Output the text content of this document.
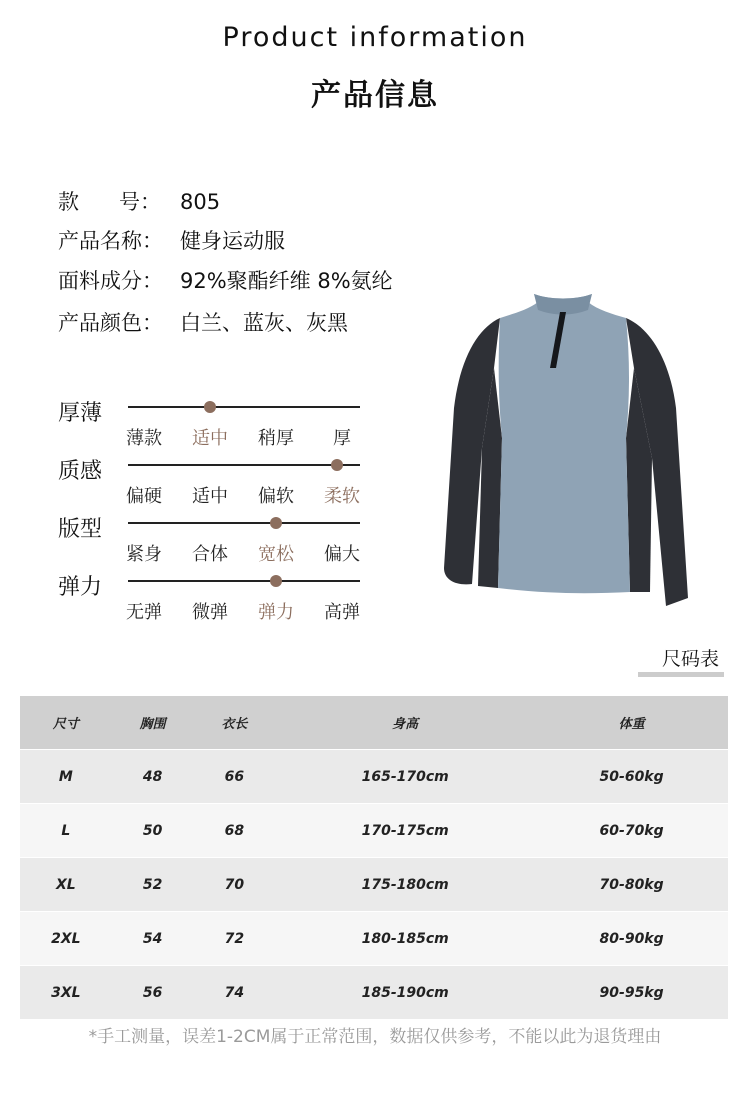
Product information
产品信息
款      号： 805
产品名称： 健身运动服
面料成分： 92%聚酯纤维 8%氨纶
产品颜色： 白兰、蓝灰、灰黑
厚薄
薄款	适中	稍厚	厚
质感
偏硬	适中	偏软	柔软
版型
紧身	合体	宽松	偏大
弹力
无弹	微弹	弹力	高弹
尺码表
尺寸	胸围	衣长	身高	体重
M	48	66	165-170cm	50-60kg
L	50	68	170-175cm	60-70kg
XL	52	70	175-180cm	70-80kg
2XL	54	72	180-185cm	80-90kg
3XL	56	74	185-190cm	90-95kg
*手工测量，误差1-2CM属于正常范围，数据仅供参考，不能以此为退货理由
